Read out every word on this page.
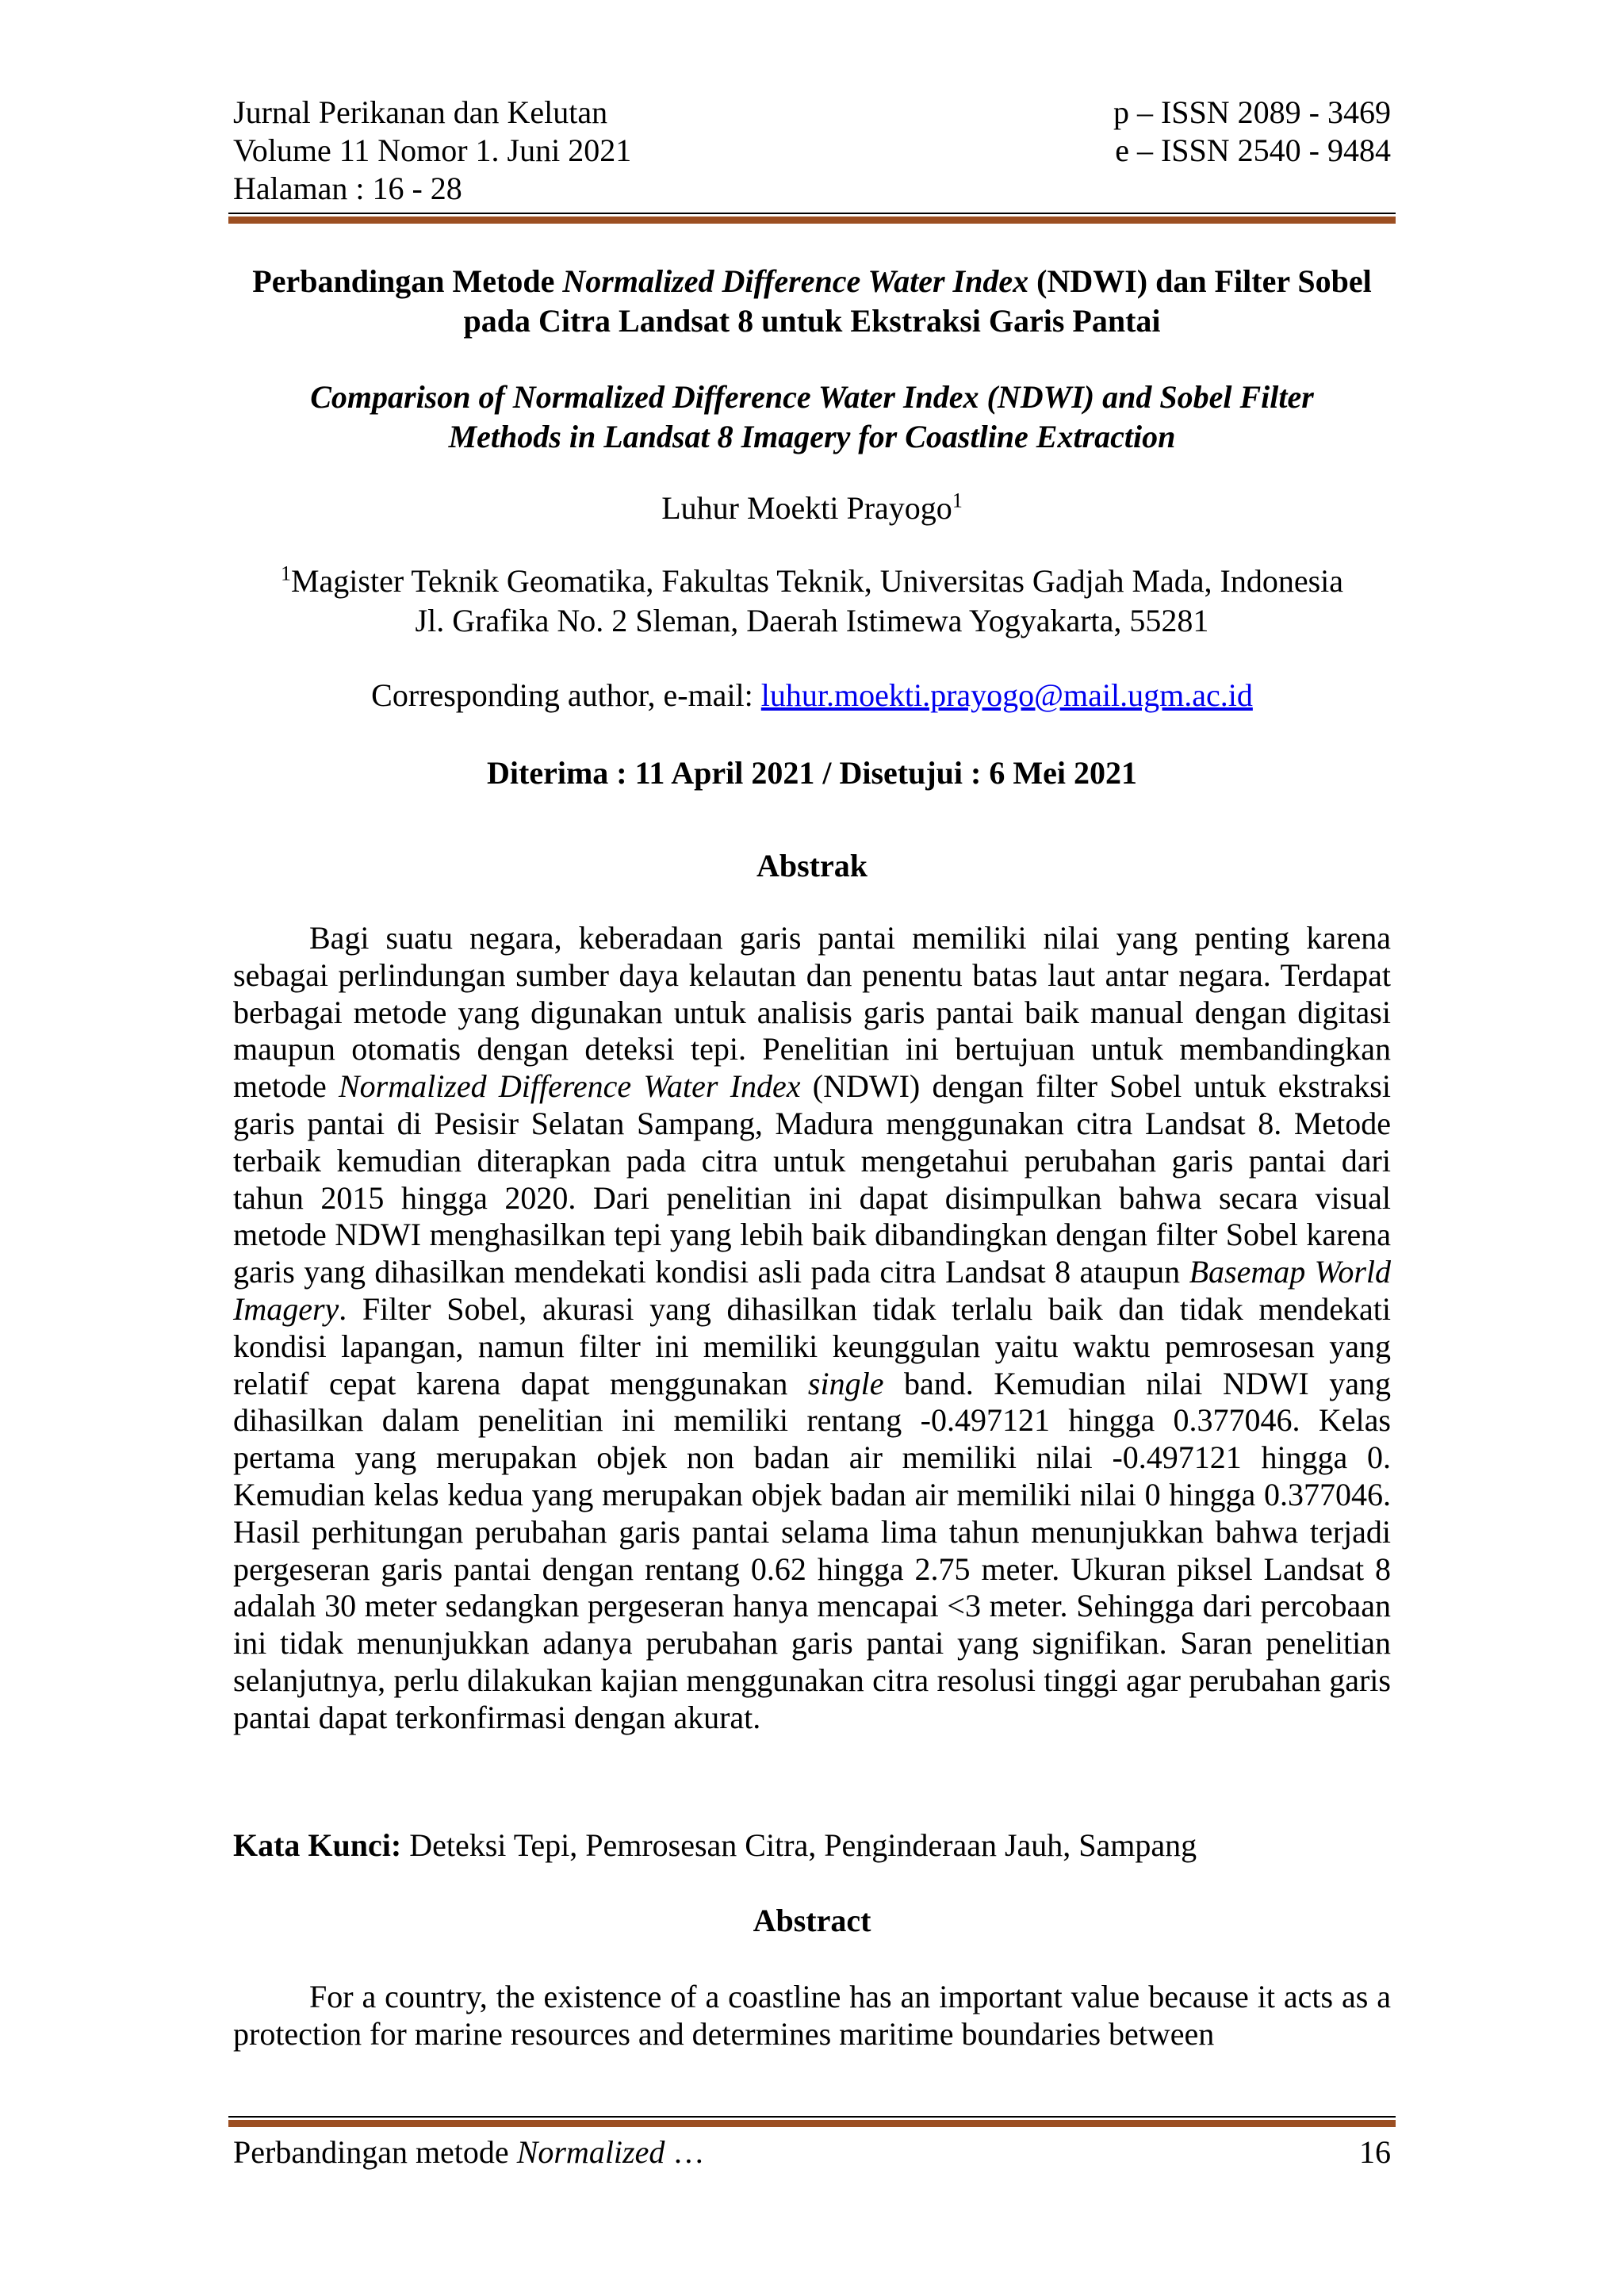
Jurnal Perikanan dan Kelutan
Volume 11 Nomor 1. Juni 2021
Halaman : 16 - 28
p – ISSN 2089 - 3469
e – ISSN 2540 - 9484
Perbandingan Metode Normalized Difference Water Index (NDWI) dan Filter Sobel
pada Citra Landsat 8 untuk Ekstraksi Garis Pantai
Comparison of Normalized Difference Water Index (NDWI) and Sobel Filter
Methods in Landsat 8 Imagery for Coastline Extraction
Luhur Moekti Prayogo$^1$
$^1$Magister Teknik Geomatika, Fakultas Teknik, Universitas Gadjah Mada, Indonesia
Jl. Grafika No. 2 Sleman, Daerah Istimewa Yogyakarta, 55281
Corresponding author, e-mail: luhur.moekti.prayogo@mail.ugm.ac.id
Diterima : 11 April 2021 / Disetujui : 6 Mei 2021
Abstrak

Bagi suatu negara, keberadaan garis pantai memiliki nilai yang penting karena sebagai perlindungan sumber daya kelautan dan penentu batas laut antar negara. Terdapat berbagai metode yang digunakan untuk analisis garis pantai baik manual dengan digitasi maupun otomatis dengan deteksi tepi. Penelitian ini bertujuan untuk membandingkan metode Normalized Difference Water Index (NDWI) dengan filter Sobel untuk ekstraksi garis pantai di Pesisir Selatan Sampang, Madura menggunakan citra Landsat 8. Metode terbaik kemudian diterapkan pada citra untuk mengetahui perubahan garis pantai dari tahun 2015 hingga 2020. Dari penelitian ini dapat disimpulkan bahwa secara visual metode NDWI menghasilkan tepi yang lebih baik dibandingkan dengan filter Sobel karena garis yang dihasilkan mendekati kondisi asli pada citra Landsat 8 ataupun Basemap World Imagery. Filter Sobel, akurasi yang dihasilkan tidak terlalu baik dan tidak mendekati kondisi lapangan, namun filter ini memiliki keunggulan yaitu waktu pemrosesan yang relatif cepat karena dapat menggunakan single band. Kemudian nilai NDWI yang dihasilkan dalam penelitian ini memiliki rentang -0.497121 hingga 0.377046. Kelas pertama yang merupakan objek non badan air memiliki nilai -0.497121 hingga 0. Kemudian kelas kedua yang merupakan objek badan air memiliki nilai 0 hingga 0.377046. Hasil perhitungan perubahan garis pantai selama lima tahun menunjukkan bahwa terjadi pergeseran garis pantai dengan rentang 0.62 hingga 2.75 meter. Ukuran piksel Landsat 8 adalah 30 meter sedangkan pergeseran hanya mencapai <3 meter. Sehingga dari percobaan ini tidak menunjukkan adanya perubahan garis pantai yang signifikan. Saran penelitian selanjutnya, perlu dilakukan kajian menggunakan citra resolusi tinggi agar perubahan garis pantai dapat terkonfirmasi dengan akurat.

Kata Kunci: Deteksi Tepi, Pemrosesan Citra, Penginderaan Jauh, Sampang
Abstract

For a country, the existence of a coastline has an important value because it acts as a protection for marine resources and determines maritime boundaries between

Perbandingan metode Normalized …	16
